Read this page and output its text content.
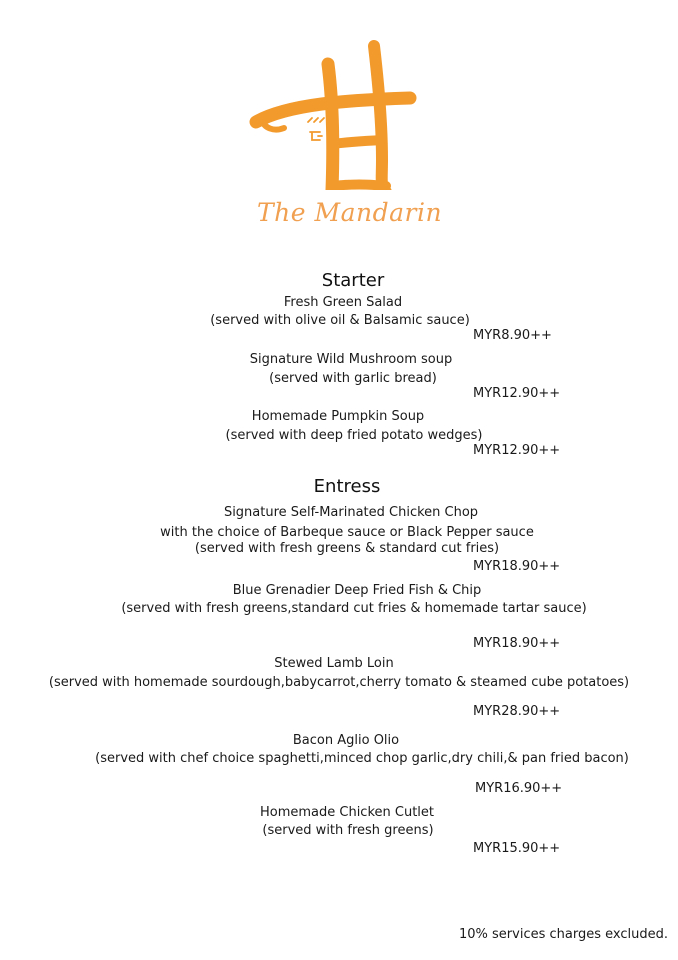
The Mandarin
Starter
Fresh Green Salad
(served with olive oil & Balsamic sauce)
MYR8.90++
Signature Wild Mushroom soup
(served with garlic bread)
MYR12.90++
Homemade Pumpkin Soup
(served with deep fried potato wedges)
MYR12.90++
Entress
Signature Self-Marinated Chicken Chop
with the choice of Barbeque sauce or Black Pepper sauce
(served with fresh greens & standard cut fries)
MYR18.90++
Blue Grenadier Deep Fried Fish & Chip
(served with fresh greens,standard cut fries & homemade tartar sauce)
MYR18.90++
Stewed Lamb Loin
(served with homemade sourdough,babycarrot,cherry tomato & steamed cube potatoes)
MYR28.90++
Bacon Aglio Olio
(served with chef choice spaghetti,minced chop garlic,dry chili,& pan fried bacon)
MYR16.90++
Homemade Chicken Cutlet
(served with fresh greens)
MYR15.90++
10% services charges excluded.
